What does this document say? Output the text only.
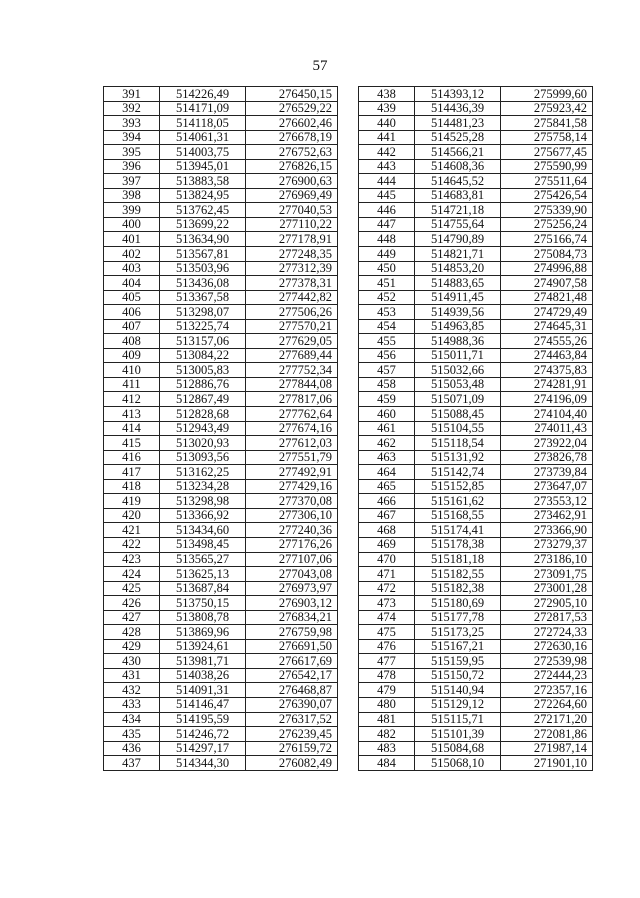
57
391	514226,49	276450,15
392	514171,09	276529,22
393	514118,05	276602,46
394	514061,31	276678,19
395	514003,75	276752,63
396	513945,01	276826,15
397	513883,58	276900,63
398	513824,95	276969,49
399	513762,45	277040,53
400	513699,22	277110,22
401	513634,90	277178,91
402	513567,81	277248,35
403	513503,96	277312,39
404	513436,08	277378,31
405	513367,58	277442,82
406	513298,07	277506,26
407	513225,74	277570,21
408	513157,06	277629,05
409	513084,22	277689,44
410	513005,83	277752,34
411	512886,76	277844,08
412	512867,49	277817,06
413	512828,68	277762,64
414	512943,49	277674,16
415	513020,93	277612,03
416	513093,56	277551,79
417	513162,25	277492,91
418	513234,28	277429,16
419	513298,98	277370,08
420	513366,92	277306,10
421	513434,60	277240,36
422	513498,45	277176,26
423	513565,27	277107,06
424	513625,13	277043,08
425	513687,84	276973,97
426	513750,15	276903,12
427	513808,78	276834,21
428	513869,96	276759,98
429	513924,61	276691,50
430	513981,71	276617,69
431	514038,26	276542,17
432	514091,31	276468,87
433	514146,47	276390,07
434	514195,59	276317,52
435	514246,72	276239,45
436	514297,17	276159,72
437	514344,30	276082,49
438	514393,12	275999,60
439	514436,39	275923,42
440	514481,23	275841,58
441	514525,28	275758,14
442	514566,21	275677,45
443	514608,36	275590,99
444	514645,52	275511,64
445	514683,81	275426,54
446	514721,18	275339,90
447	514755,64	275256,24
448	514790,89	275166,74
449	514821,71	275084,73
450	514853,20	274996,88
451	514883,65	274907,58
452	514911,45	274821,48
453	514939,56	274729,49
454	514963,85	274645,31
455	514988,36	274555,26
456	515011,71	274463,84
457	515032,66	274375,83
458	515053,48	274281,91
459	515071,09	274196,09
460	515088,45	274104,40
461	515104,55	274011,43
462	515118,54	273922,04
463	515131,92	273826,78
464	515142,74	273739,84
465	515152,85	273647,07
466	515161,62	273553,12
467	515168,55	273462,91
468	515174,41	273366,90
469	515178,38	273279,37
470	515181,18	273186,10
471	515182,55	273091,75
472	515182,38	273001,28
473	515180,69	272905,10
474	515177,78	272817,53
475	515173,25	272724,33
476	515167,21	272630,16
477	515159,95	272539,98
478	515150,72	272444,23
479	515140,94	272357,16
480	515129,12	272264,60
481	515115,71	272171,20
482	515101,39	272081,86
483	515084,68	271987,14
484	515068,10	271901,10
